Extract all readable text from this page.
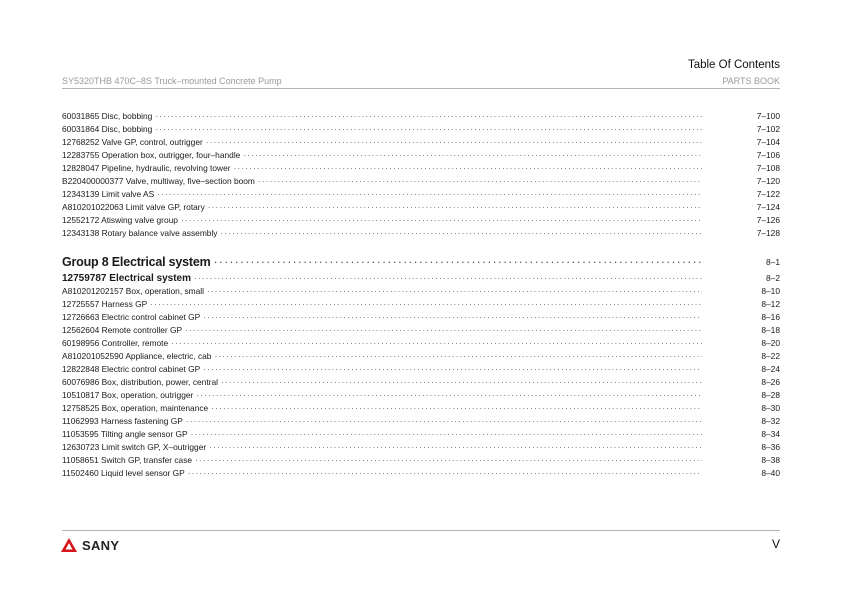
Table Of Contents
SY5320THB 470C–8S Truck–mounted Concrete Pump	PARTS BOOK
60031865 Disc, bobbing ·····	7–100
60031864 Disc, bobbing ·····	7–102
12768252 Valve GP, control, outrigger ·····	7–104
12283755 Operation box, outrigger, four–handle ·····	7–106
12828047 Pipeline, hydraulic, revolving tower ·····	7–108
B220400000377 Valve, multiway, five–section boom ·····	7–120
12343139 Limit valve AS ·····	7–122
A810201022063 Limit valve GP, rotary ·····	7–124
12552172 Atiswing valve group ·····	7–126
12343138 Rotary balance valve assembly ·····	7–128
Group 8 Electrical system ·····	8–1
12759787 Electrical system ·····	8–2
A810201202157 Box, operation, small ·····	8–10
12725557 Harness GP ·····	8–12
12726663 Electric control cabinet GP ·····	8–16
12562604 Remote controller GP ·····	8–18
60198956 Controller, remote ·····	8–20
A810201052590 Appliance, electric, cab ·····	8–22
12822848 Electric control cabinet GP ·····	8–24
60076986 Box, distribution, power, central ·····	8–26
10510817 Box, operation, outrigger ·····	8–28
12758525 Box, operation, maintenance ·····	8–30
11062993 Harness fastening GP ·····	8–32
11053595 Tilting angle sensor GP ·····	8–34
12630723 Limit switch GP, X–outrigger ·····	8–36
11058651 Switch GP, transfer case ·····	8–38
11502460 Liquid level sensor GP ·····	8–40
SANY	V
